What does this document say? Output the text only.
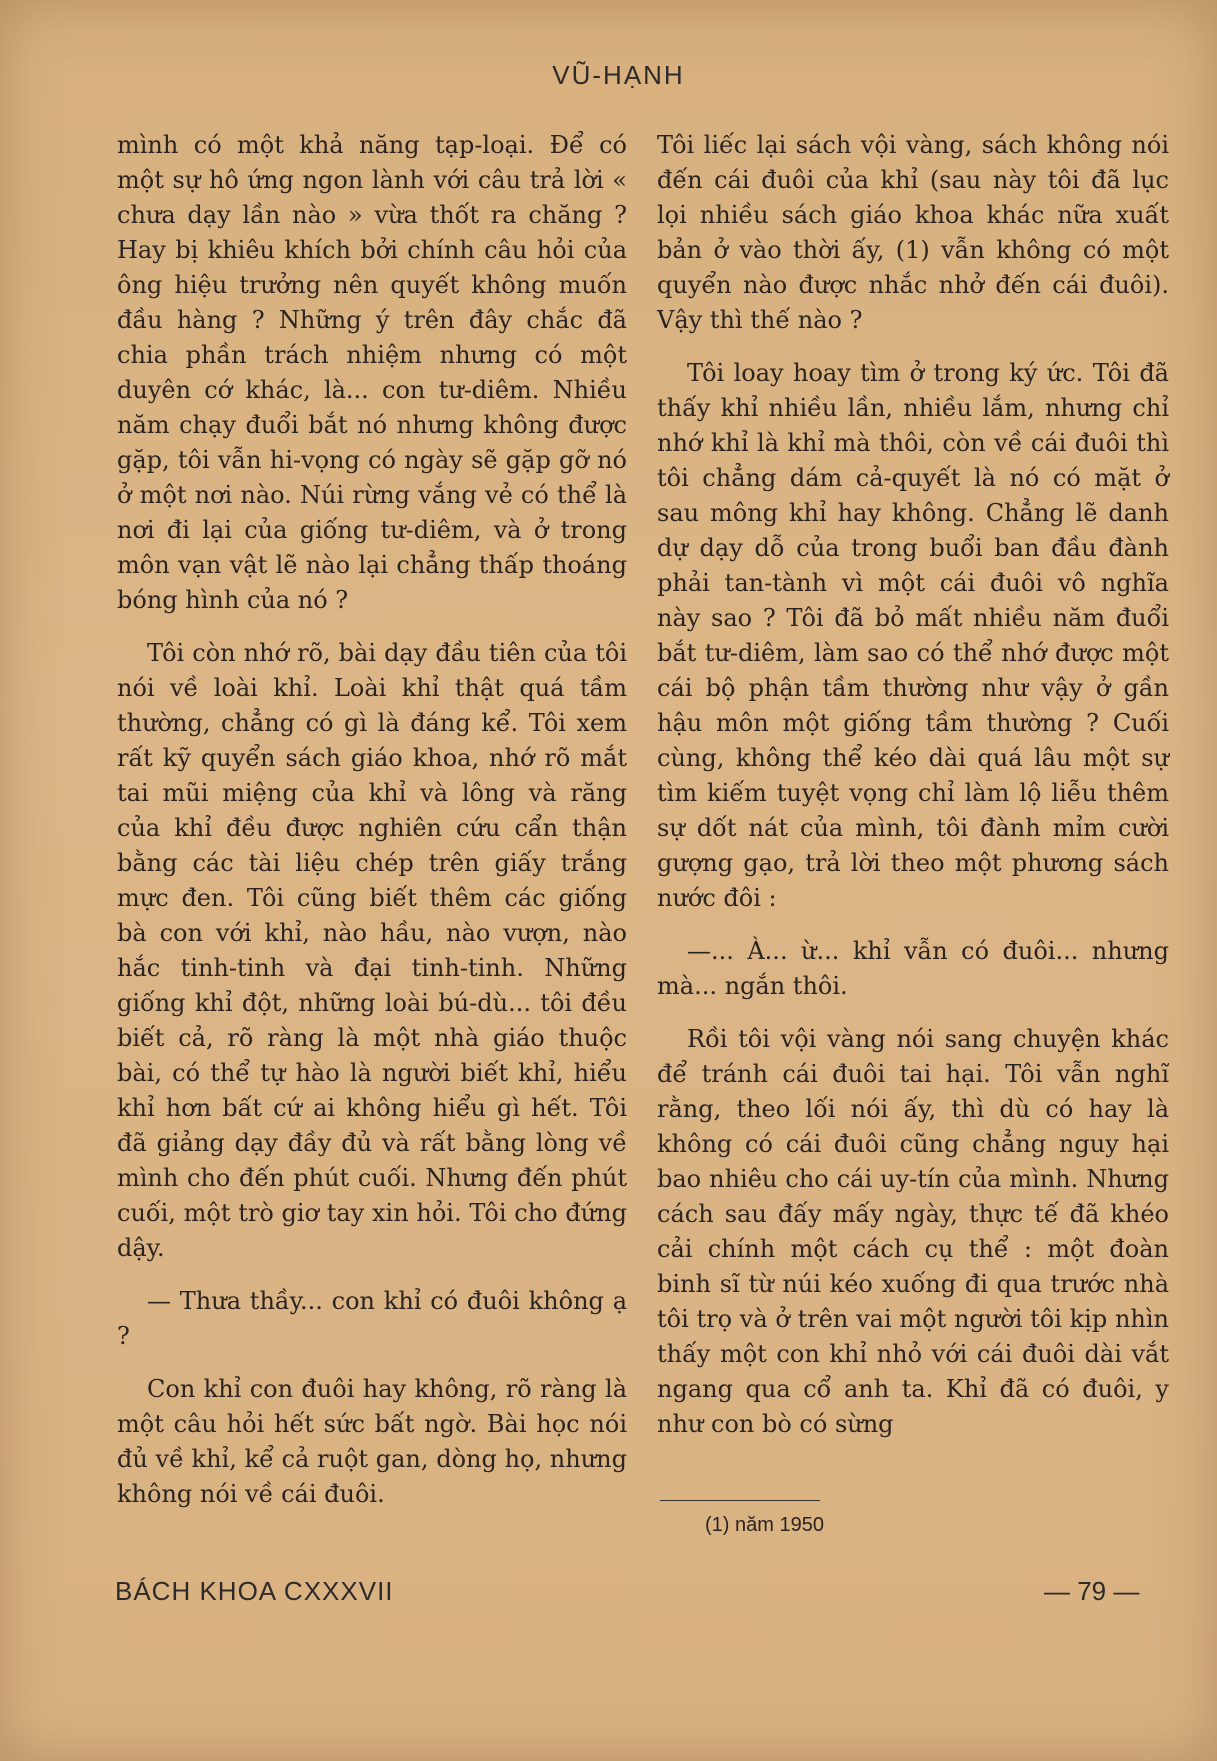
VŨ-HẠNH

mình có một khả năng tạp-loại. Để có một sự hô ứng ngon lành với câu trả lời « chưa dạy lần nào » vừa thốt ra chăng ? Hay bị khiêu khích bởi chính câu hỏi của ông hiệu trưởng nên quyết không muốn đầu hàng ? Những ý trên đây chắc đã chia phần trách nhiệm nhưng có một duyên cớ khác, là... con tư-diêm. Nhiều năm chạy đuổi bắt nó nhưng không được gặp, tôi vẫn hi-vọng có ngày sẽ gặp gỡ nó ở một nơi nào. Núi rừng vắng vẻ có thể là nơi đi lại của giống tư-diêm, và ở trong môn vạn vật lẽ nào lại chẳng thấp thoáng bóng hình của nó ?

Tôi còn nhớ rõ, bài dạy đầu tiên của tôi nói về loài khỉ. Loài khỉ thật quá tầm thường, chẳng có gì là đáng kể. Tôi xem rất kỹ quyển sách giáo khoa, nhớ rõ mắt tai mũi miệng của khỉ và lông và răng của khỉ đều được nghiên cứu cẩn thận bằng các tài liệu chép trên giấy trắng mực đen. Tôi cũng biết thêm các giống bà con với khỉ, nào hầu, nào vượn, nào hắc tinh-tinh và đại tinh-tinh. Những giống khỉ đột, những loài bú-dù... tôi đều biết cả, rõ ràng là một nhà giáo thuộc bài, có thể tự hào là người biết khỉ, hiểu khỉ hơn bất cứ ai không hiểu gì hết. Tôi đã giảng dạy đầy đủ và rất bằng lòng về mình cho đến phút cuối. Nhưng đến phút cuối, một trò giơ tay xin hỏi. Tôi cho đứng dậy.

— Thưa thầy... con khỉ có đuôi không ạ ?

Con khỉ con đuôi hay không, rõ ràng là một câu hỏi hết sức bất ngờ. Bài học nói đủ về khỉ, kể cả ruột gan, dòng họ, nhưng không nói về cái đuôi.

Tôi liếc lại sách vội vàng, sách không nói đến cái đuôi của khỉ (sau này tôi đã lục lọi nhiều sách giáo khoa khác nữa xuất bản ở vào thời ấy, (1) vẫn không có một quyển nào được nhắc nhở đến cái đuôi). Vậy thì thế nào ?

Tôi loay hoay tìm ở trong ký ức. Tôi đã thấy khỉ nhiều lần, nhiều lắm, nhưng chỉ nhớ khỉ là khỉ mà thôi, còn về cái đuôi thì tôi chẳng dám cả-quyết là nó có mặt ở sau mông khỉ hay không. Chẳng lẽ danh dự dạy dỗ của trong buổi ban đầu đành phải tan-tành vì một cái đuôi vô nghĩa này sao ? Tôi đã bỏ mất nhiều năm đuổi bắt tư-diêm, làm sao có thể nhớ được một cái bộ phận tầm thường như vậy ở gần hậu môn một giống tầm thường ? Cuối cùng, không thể kéo dài quá lâu một sự tìm kiếm tuyệt vọng chỉ làm lộ liễu thêm sự dốt nát của mình, tôi đành mỉm cười gượng gạo, trả lời theo một phương sách nước đôi :

—... À... ừ... khỉ vẫn có đuôi... nhưng mà... ngắn thôi.

Rồi tôi vội vàng nói sang chuyện khác để tránh cái đuôi tai hại. Tôi vẫn nghĩ rằng, theo lối nói ấy, thì dù có hay là không có cái đuôi cũng chẳng nguy hại bao nhiêu cho cái uy-tín của mình. Nhưng cách sau đấy mấy ngày, thực tế đã khéo cải chính một cách cụ thể : một đoàn binh sĩ từ núi kéo xuống đi qua trước nhà tôi trọ và ở trên vai một người tôi kịp nhìn thấy một con khỉ nhỏ với cái đuôi dài vắt ngang qua cổ anh ta. Khỉ đã có đuôi, y như con bò có sừng

(1) năm 1950
BÁCH KHOA CXXXVII	— 79 —
